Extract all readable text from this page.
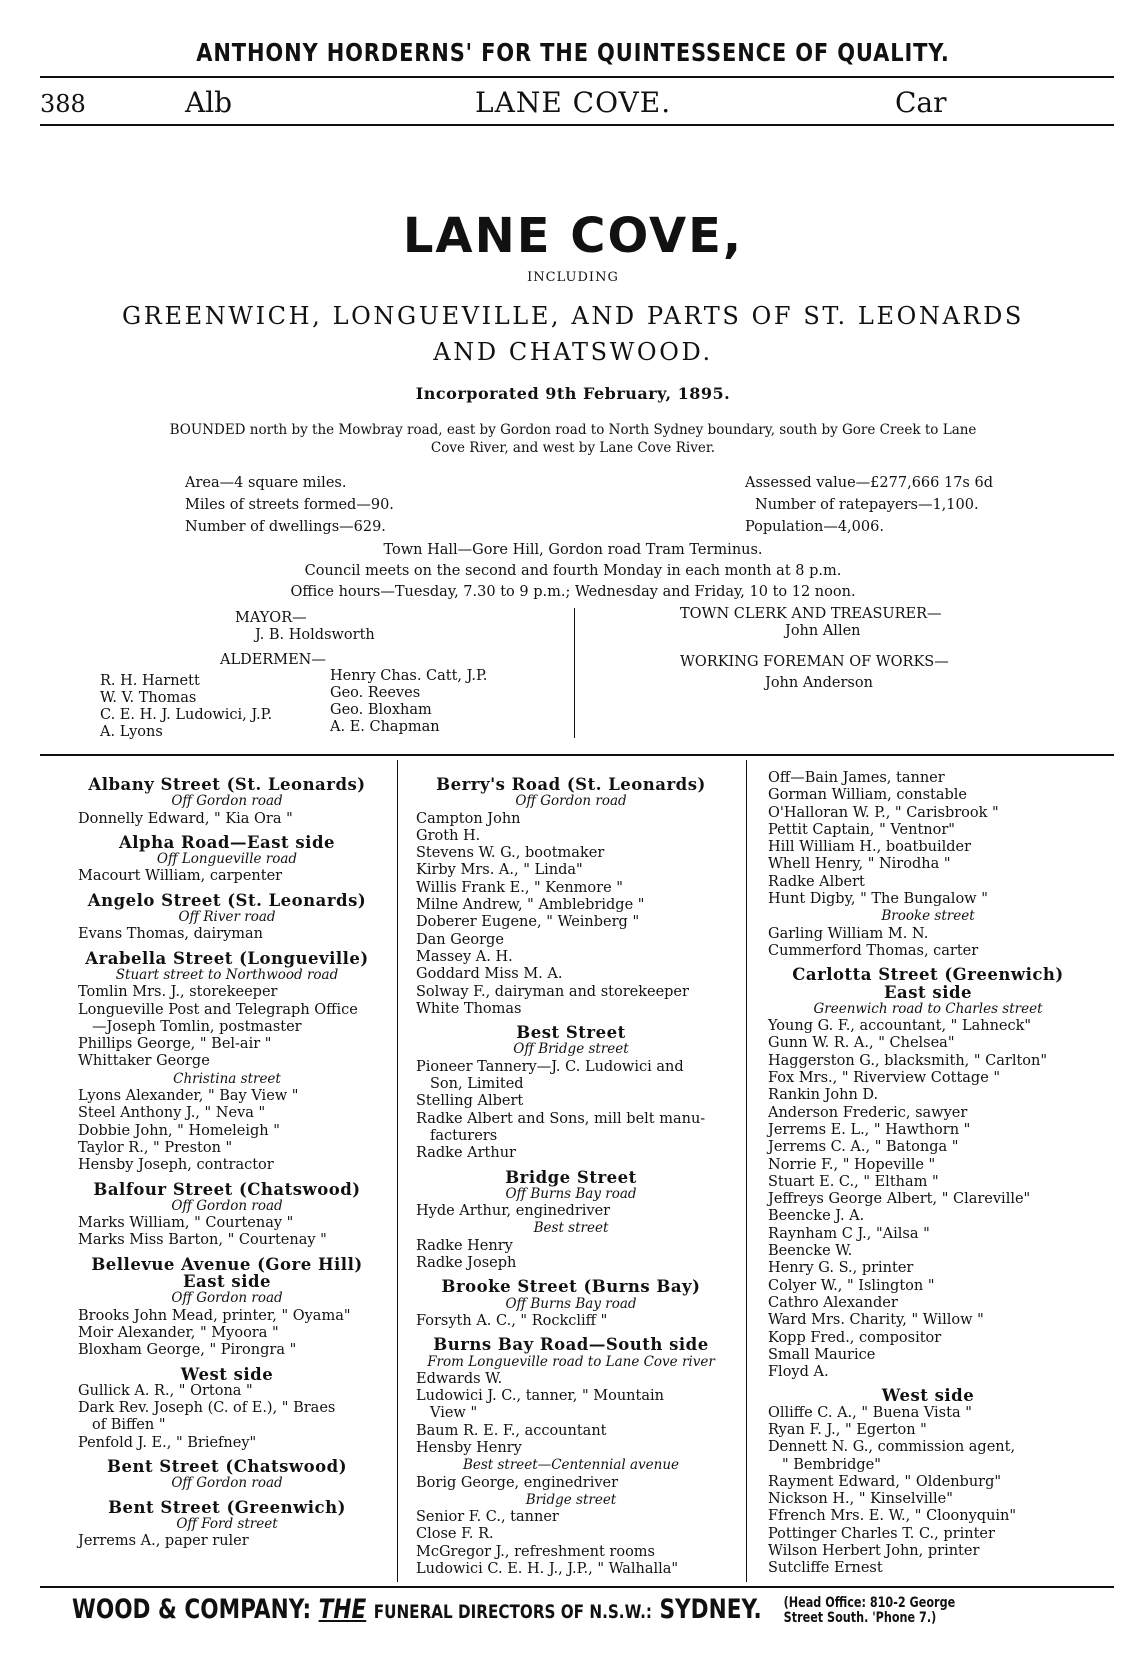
ANTHONY HORDERNS' FOR THE QUINTESSENCE OF QUALITY.
388	Alb	LANE COVE.	Car
LANE COVE,
INCLUDING
GREENWICH, LONGUEVILLE, AND PARTS OF ST. LEONARDS
AND CHATSWOOD.
Incorporated 9th February, 1895.
BOUNDED north by the Mowbray road, east by Gordon road to North Sydney boundary, south by Gore Creek to Lane
Cove River, and west by Lane Cove River.
Area—4 square miles.
Miles of streets formed—90.
Number of dwellings—629.
Assessed value—£277,666 17s 6d
Number of ratepayers—1,100.
Population—4,006.
Town Hall—Gore Hill, Gordon road Tram Terminus.
Council meets on the second and fourth Monday in each month at 8 p.m.
Office hours—Tuesday, 7.30 to 9 p.m.; Wednesday and Friday, 10 to 12 noon.
MAYOR—
J. B. Holdsworth
ALDERMEN—
R. H. Harnett
W. V. Thomas
C. E. H. J. Ludowici, J.P.
A. Lyons
Henry Chas. Catt, J.P.
Geo. Reeves
Geo. Bloxham
A. E. Chapman
TOWN CLERK AND TREASURER—
John Allen
WORKING FOREMAN OF WORKS—
John Anderson
Albany Street (St. Leonards)
Off Gordon road
Donnelly Edward, " Kia Ora "
Alpha Road—East side
Off Longueville road
Macourt William, carpenter
Angelo Street (St. Leonards)
Off River road
Evans Thomas, dairyman
Arabella Street (Longueville)
Stuart street to Northwood road
Tomlin Mrs. J., storekeeper
Longueville Post and Telegraph Office
—Joseph Tomlin, postmaster
Phillips George, " Bel-air "
Whittaker George
Christina street
Lyons Alexander, " Bay View "
Steel Anthony J., " Neva "
Dobbie John, " Homeleigh "
Taylor R., " Preston "
Hensby Joseph, contractor
Balfour Street (Chatswood)
Off Gordon road
Marks William, " Courtenay "
Marks Miss Barton, " Courtenay "
Bellevue Avenue (Gore Hill)
East side
Off Gordon road
Brooks John Mead, printer, " Oyama"
Moir Alexander, " Myoora "
Bloxham George, " Pirongra "
West side
Gullick A. R., " Ortona "
Dark Rev. Joseph (C. of E.), " Braes
of Biffen "
Penfold J. E., " Briefney"
Bent Street (Chatswood)
Off Gordon road
Bent Street (Greenwich)
Off Ford street
Jerrems A., paper ruler
Berry's Road (St. Leonards)
Off Gordon road
Campton John
Groth H.
Stevens W. G., bootmaker
Kirby Mrs. A., " Linda"
Willis Frank E., " Kenmore "
Milne Andrew, " Amblebridge "
Doberer Eugene, " Weinberg "
Dan George
Massey A. H.
Goddard Miss M. A.
Solway F., dairyman and storekeeper
White Thomas
Best Street
Off Bridge street
Pioneer Tannery—J. C. Ludowici and
Son, Limited
Stelling Albert
Radke Albert and Sons, mill belt manu-
facturers
Radke Arthur
Bridge Street
Off Burns Bay road
Hyde Arthur, enginedriver
Best street
Radke Henry
Radke Joseph
Brooke Street (Burns Bay)
Off Burns Bay road
Forsyth A. C., " Rockcliff "
Burns Bay Road—South side
From Longueville road to Lane Cove river
Edwards W.
Ludowici J. C., tanner, " Mountain
View "
Baum R. E. F., accountant
Hensby Henry
Best street—Centennial avenue
Borig George, enginedriver
Bridge street
Senior F. C., tanner
Close F. R.
McGregor J., refreshment rooms
Ludowici C. E. H. J., J.P., " Walhalla"
Off—Bain James, tanner
Gorman William, constable
O'Halloran W. P., " Carisbrook "
Pettit Captain, " Ventnor"
Hill William H., boatbuilder
Whell Henry, " Nirodha "
Radke Albert
Hunt Digby, " The Bungalow "
Brooke street
Garling William M. N.
Cummerford Thomas, carter
Carlotta Street (Greenwich)
East side
Greenwich road to Charles street
Young G. F., accountant, " Lahneck"
Gunn W. R. A., " Chelsea"
Haggerston G., blacksmith, " Carlton"
Fox Mrs., " Riverview Cottage "
Rankin John D.
Anderson Frederic, sawyer
Jerrems E. L., " Hawthorn "
Jerrems C. A., " Batonga "
Norrie F., " Hopeville "
Stuart E. C., " Eltham "
Jeffreys George Albert, " Clareville"
Beencke J. A.
Raynham C J., "Ailsa "
Beencke W.
Henry G. S., printer
Colyer W., " Islington "
Cathro Alexander
Ward Mrs. Charity, " Willow "
Kopp Fred., compositor
Small Maurice
Floyd A.
West side
Olliffe C. A., " Buena Vista "
Ryan F. J., " Egerton "
Dennett N. G., commission agent,
" Bembridge"
Rayment Edward, " Oldenburg"
Nickson H., " Kinselville"
Ffrench Mrs. E. W., " Cloonyquin"
Pottinger Charles T. C., printer
Wilson Herbert John, printer
Sutcliffe Ernest
WOOD & COMPANY: THE FUNERAL DIRECTORS OF N.S.W.: SYDNEY. (Head Office: 810-2 George
Street South. 'Phone 7.)
